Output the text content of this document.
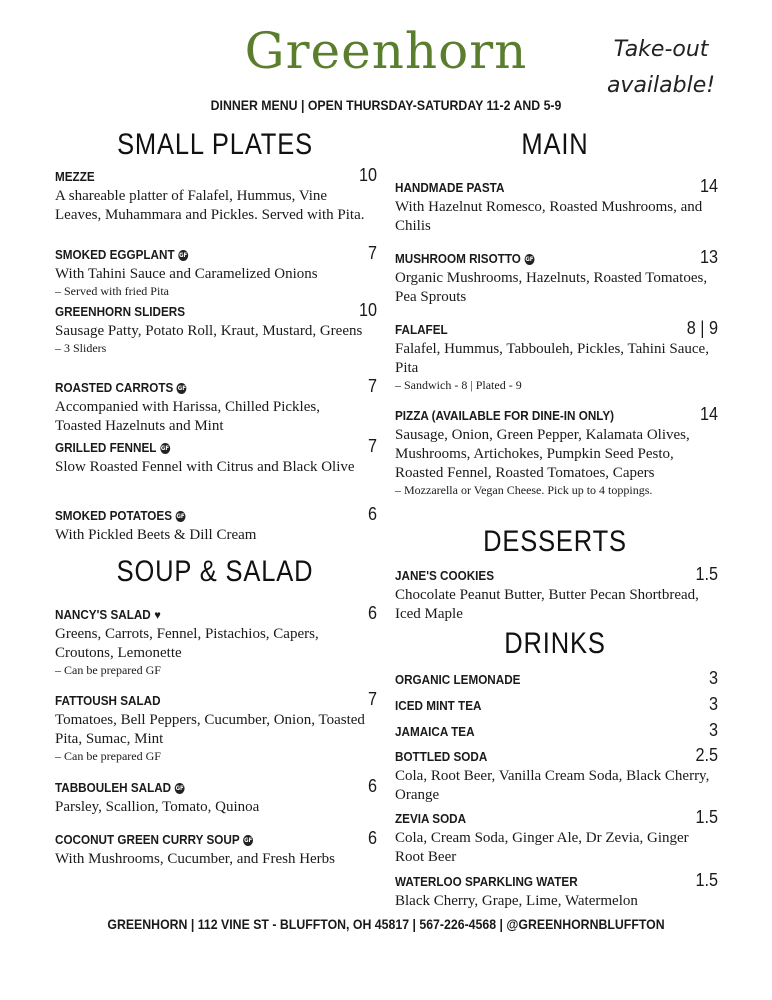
Greenhorn	Take-out
available!
DINNER MENU | OPEN THURSDAY-SATURDAY 11-2 AND 5-9
SMALL PLATES	MAIN
SOUP & SALAD
DESSERTS
DRINKS
MEZZE	10
A shareable platter of Falafel, Hummus, Vine Leaves, Muhammara and Pickles. Served with Pita.
SMOKED EGGPLANT GF	7
With Tahini Sauce and Caramelized Onions
– Served with fried Pita
GREENHORN SLIDERS	10
Sausage Patty, Potato Roll, Kraut, Mustard, Greens
– 3 Sliders
ROASTED CARROTS GF	7
Accompanied with Harissa, Chilled Pickles, Toasted Hazelnuts and Mint
GRILLED FENNEL GF	7
Slow Roasted Fennel with Citrus and Black Olive
SMOKED POTATOES GF	6
With Pickled Beets & Dill Cream
NANCY'S SALAD ♥	6
Greens, Carrots, Fennel, Pistachios, Capers, Croutons, Lemonette
– Can be prepared GF
FATTOUSH SALAD	7
Tomatoes, Bell Peppers, Cucumber, Onion, Toasted Pita, Sumac, Mint
– Can be prepared GF
TABBOULEH SALAD GF	6
Parsley, Scallion, Tomato, Quinoa
COCONUT GREEN CURRY SOUP GF	6
With Mushrooms, Cucumber, and Fresh Herbs
HANDMADE PASTA	14
With Hazelnut Romesco, Roasted Mushrooms, and Chilis
MUSHROOM RISOTTO GF	13
Organic Mushrooms, Hazelnuts, Roasted Tomatoes, Pea Sprouts
FALAFEL	8 | 9
Falafel, Hummus, Tabbouleh, Pickles, Tahini Sauce, Pita
– Sandwich - 8 | Plated - 9
PIZZA (AVAILABLE FOR DINE-IN ONLY)	14
Sausage, Onion, Green Pepper, Kalamata Olives, Mushrooms, Artichokes, Pumpkin Seed Pesto, Roasted Fennel, Roasted Tomatoes, Capers
– Mozzarella or Vegan Cheese. Pick up to 4 toppings.
JANE'S COOKIES	1.5
Chocolate Peanut Butter, Butter Pecan Shortbread, Iced Maple
ORGANIC LEMONADE	3
ICED MINT TEA	3
JAMAICA TEA	3
BOTTLED SODA	2.5
Cola, Root Beer, Vanilla Cream Soda, Black Cherry, Orange
ZEVIA SODA	1.5
Cola, Cream Soda, Ginger Ale, Dr Zevia, Ginger Root Beer
WATERLOO SPARKLING WATER	1.5
Black Cherry, Grape, Lime, Watermelon
GREENHORN | 112 VINE ST - BLUFFTON, OH 45817 | 567-226-4568 | @GREENHORNBLUFFTON
